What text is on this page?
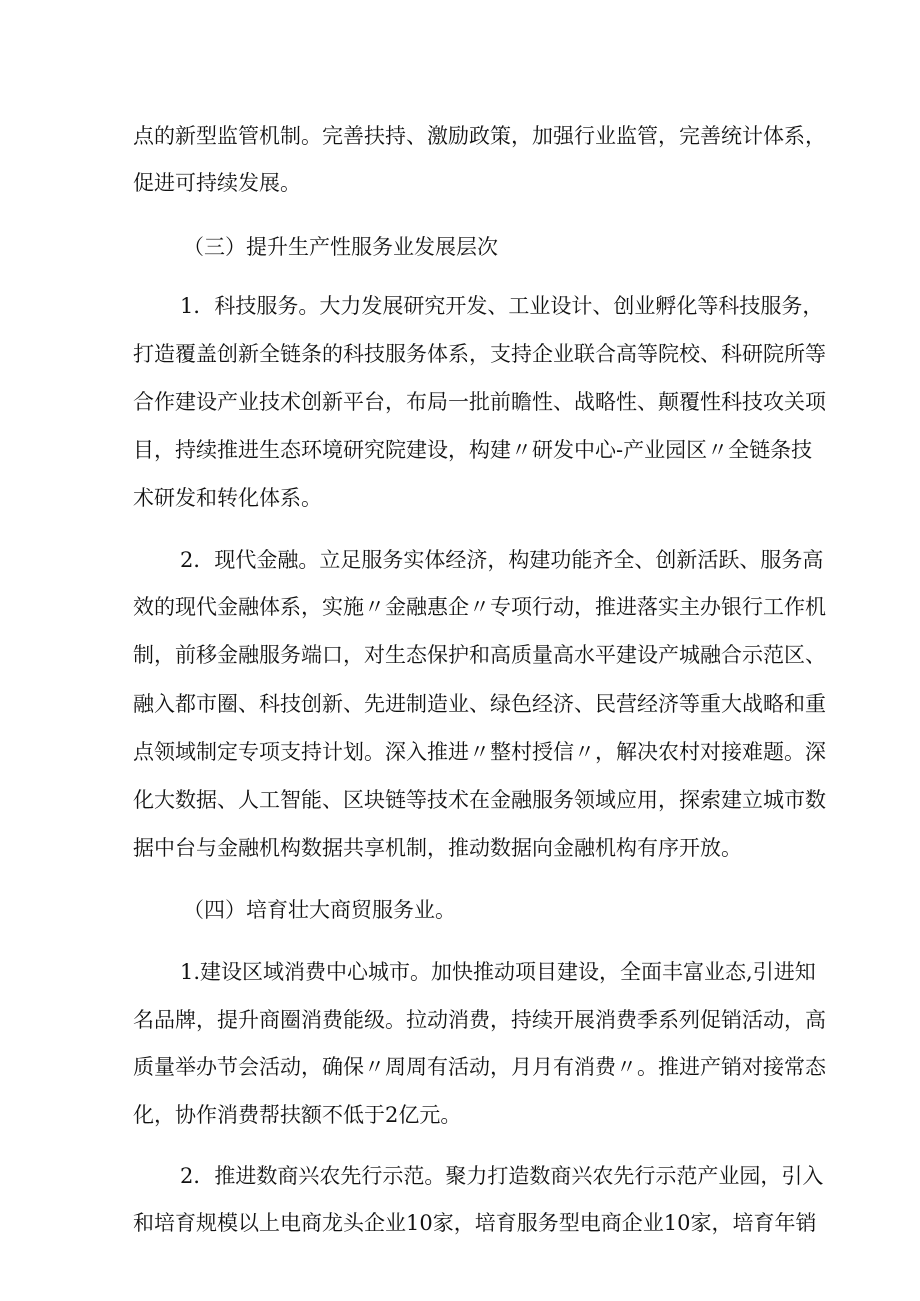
点的新型监管机制。完善扶持、激励政策，加强行业监管，完善统计体系，
促进可持续发展。
（三）提升生产性服务业发展层次
1．科技服务。大力发展研究开发、工业设计、创业孵化等科技服务，
打造覆盖创新全链条的科技服务体系，支持企业联合高等院校、科研院所等
合作建设产业技术创新平台，布局一批前瞻性、战略性、颠覆性科技攻关项
目，持续推进生态环境研究院建设，构建〃研发中心-产业园区〃全链条技
术研发和转化体系。
2．现代金融。立足服务实体经济，构建功能齐全、创新活跃、服务高
效的现代金融体系，实施〃金融惠企〃专项行动，推进落实主办银行工作机
制，前移金融服务端口，对生态保护和高质量高水平建设产城融合示范区、
融入都市圈、科技创新、先进制造业、绿色经济、民营经济等重大战略和重
点领域制定专项支持计划。深入推进〃整村授信〃，解决农村对接难题。深
化大数据、人工智能、区块链等技术在金融服务领域应用，探索建立城市数
据中台与金融机构数据共享机制，推动数据向金融机构有序开放。
（四）培育壮大商贸服务业。
1.建设区域消费中心城市。加快推动项目建设，全面丰富业态,引进知
名品牌，提升商圈消费能级。拉动消费，持续开展消费季系列促销活动，高
质量举办节会活动，确保〃周周有活动，月月有消费〃。推进产销对接常态
化，协作消费帮扶额不低于2亿元。
2．推进数商兴农先行示范。聚力打造数商兴农先行示范产业园，引入
和培育规模以上电商龙头企业10家，培育服务型电商企业10家，培育年销
